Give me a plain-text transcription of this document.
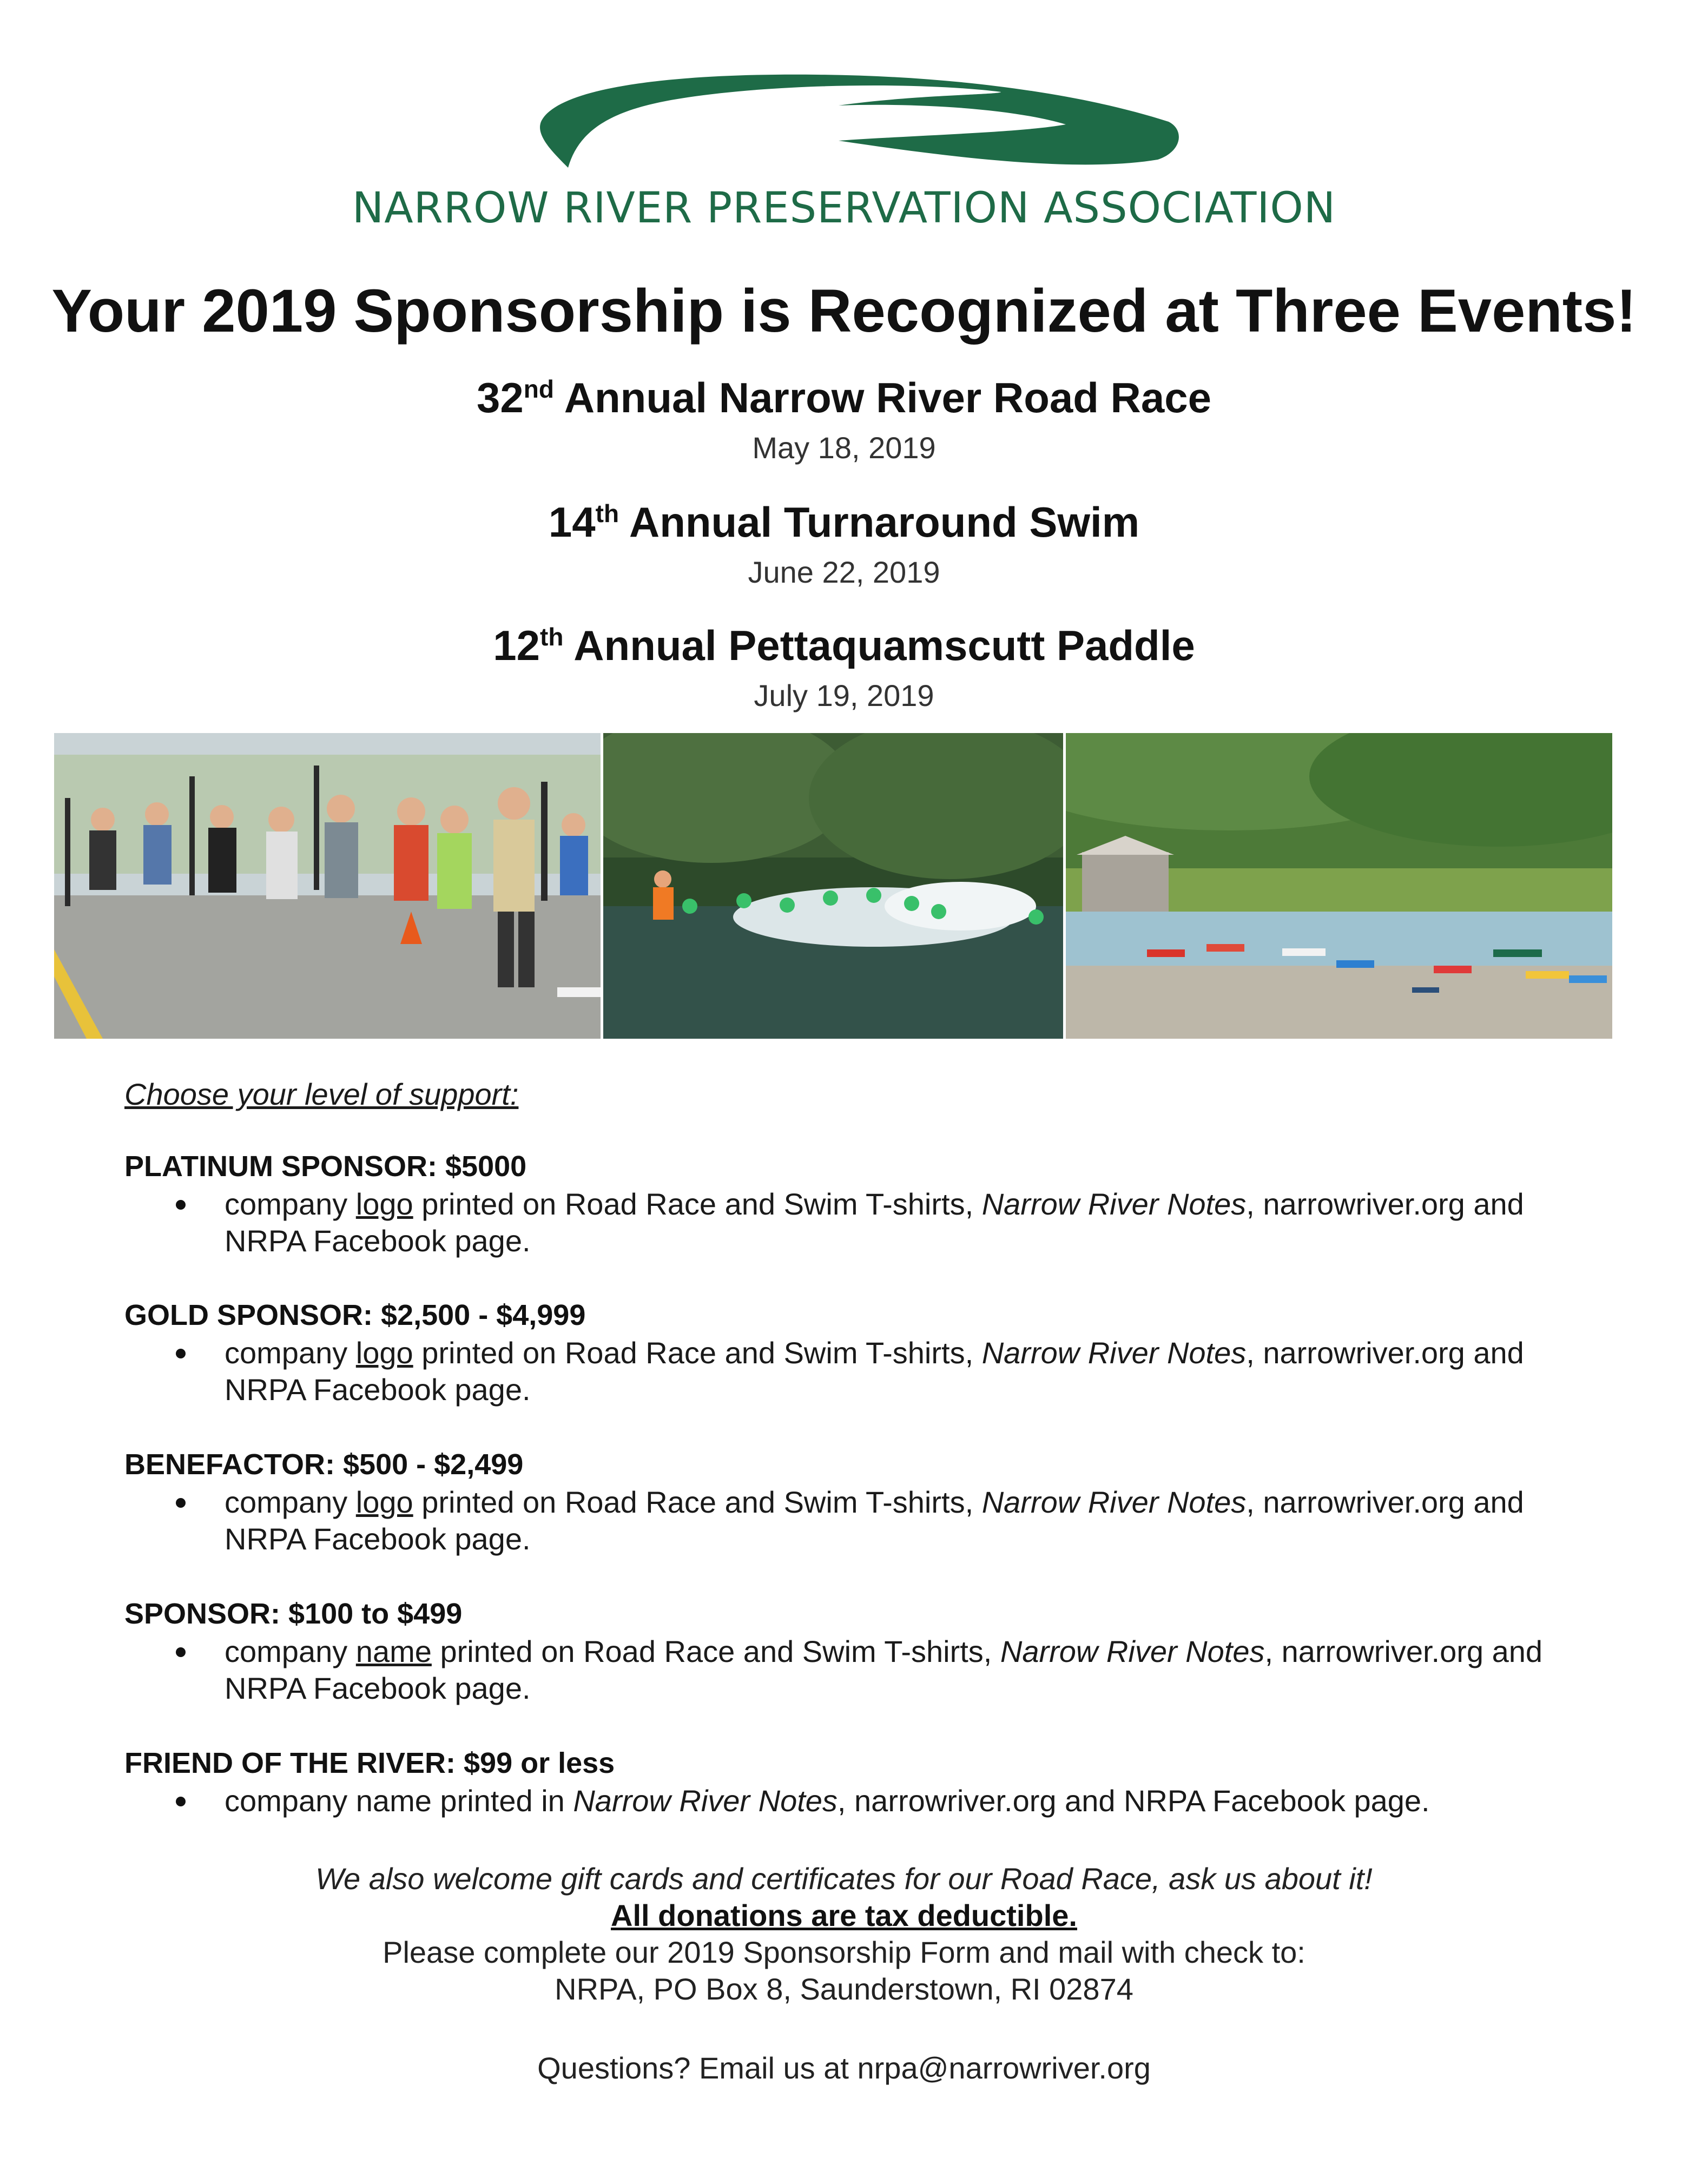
NARROW RIVER PRESERVATION ASSOCIATION
Your 2019 Sponsorship is Recognized at Three Events!
32nd Annual Narrow River Road Race
May 18, 2019
14th Annual Turnaround Swim
June 22, 2019
12th Annual Pettaquamscutt Paddle
July 19, 2019
Choose your level of support:
PLATINUM SPONSOR: $5000
company logo printed on Road Race and Swim T-shirts, Narrow River Notes, narrowriver.org and
NRPA Facebook page.
GOLD SPONSOR: $2,500 - $4,999
company logo printed on Road Race and Swim T-shirts, Narrow River Notes, narrowriver.org and
NRPA Facebook page.
BENEFACTOR: $500 - $2,499
company logo printed on Road Race and Swim T-shirts, Narrow River Notes, narrowriver.org and
NRPA Facebook page.
SPONSOR: $100 to $499
company name printed on Road Race and Swim T-shirts, Narrow River Notes, narrowriver.org and
NRPA Facebook page.
FRIEND OF THE RIVER: $99 or less
company name printed in Narrow River Notes, narrowriver.org and NRPA Facebook page.
We also welcome gift cards and certificates for our Road Race, ask us about it!
All donations are tax deductible.
Please complete our 2019 Sponsorship Form and mail with check to:
NRPA, PO Box 8, Saunderstown, RI 02874
Questions? Email us at nrpa@narrowriver.org
